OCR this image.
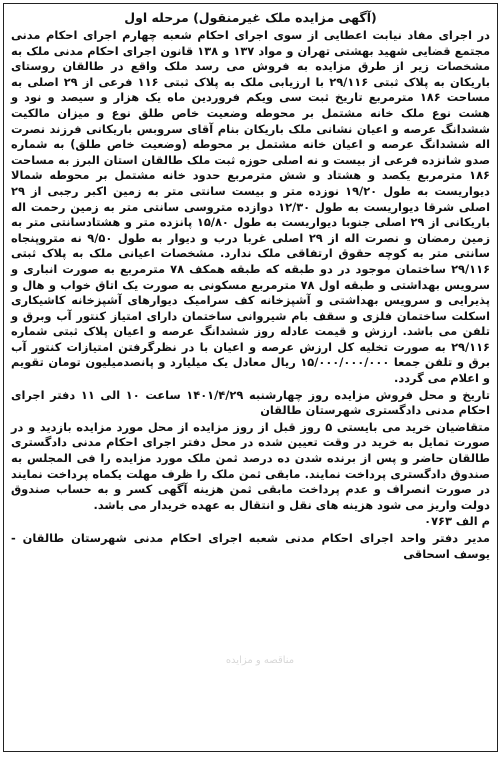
(آگهی مزایده ملک غیرمنقول) مرحله اول

در اجرای مفاد نیابت اعطایی از سوی اجرای احکام شعبه چهارم اجرای احکام مدنی مجتمع قضایی شهید بهشتی تهران و مواد ۱۳۷ و ۱۳۸ قانون اجرای احکام مدنی ملک به مشخصات زیر از طرق مزایده به فروش می رسد ملک واقع در طالقان روستای باریکان به پلاک ثبتی ۲۹/۱۱۶ با ارزیابی ملک به پلاک ثبتی ۱۱۶ فرعی از ۲۹ اصلی به مساحت ۱۸۶ مترمربع تاریخ ثبت سی ویکم فروردین ماه یک هزار و سیصد و نود و هشت نوع ملک خانه مشتمل بر محوطه وضعیت خاص طلق نوع و میزان مالکیت ششدانگ عرصه و اعیان نشانی ملک باریکان بنام آقای سروبس باریکانی فرزند نصرت اله ششدانگ عرصه و اعیان خانه مشتمل بر محوطه (وضعیت خاص طلق) به شماره صدو شانزده فرعی از بیست و نه اصلی حوزه ثبت ملک طالقان استان البرز به مساحت ۱۸۶ مترمربع یکصد و هشتاد و شش مترمربع حدود خانه مشتمل بر محوطه شمالا دیواریست به طول ۱۹/۲۰ نوزده متر و بیست سانتی متر به زمین اکبر رجبی از ۲۹ اصلی شرقا دیواریست به طول ۱۲/۳۰ دوازده متروسی سانتی متر به زمین رحمت اله باریکانی از ۲۹ اصلی جنوبا دیواریست به طول ۱۵/۸۰ پانزده متر و هشتادسانتی متر به زمین رمضان و نصرت اله از ۲۹ اصلی غربا درب و دیوار به طول ۹/۵۰ نه متروپنجاه سانتی متر به کوچه حقوق ارتفاقی ملک ندارد. مشخصات اعیانی ملک به پلاک ثبتی ۲۹/۱۱۶ ساختمان موجود در دو طبقه که طبقه همکف ۷۸ مترمربع به صورت انباری و سرویس بهداشتی و طبقه اول ۷۸ مترمربع مسکونی به صورت یک اتاق خواب و هال و پذیرایی و سرویس بهداشتی و آشپزخانه کف سرامیک دیوارهای آشپزخانه کاشیکاری اسکلت ساختمان فلزی و سقف بام شیروانی ساختمان دارای امتیاز کنتور آب وبرق و تلفن می باشد. ارزش و قیمت عادله روز ششدانگ عرصه و اعیان پلاک ثبتی شماره ۲۹/۱۱۶ به صورت تخلیه کل ارزش عرصه و اعیان با در نظرگرفتن امتیازات کنتور آب برق و تلفن جمعا ۱۵/۰۰۰/۰۰۰/۰۰۰ ریال معادل یک میلیارد و پانصدمیلیون تومان تقویم و اعلام می گردد.

تاریخ و محل فروش مزایده روز چهارشنبه ۱۴۰۱/۴/۲۹ ساعت ۱۰ الی ۱۱ دفتر اجرای احکام مدنی دادگستری شهرستان طالقان

متقاضیان خرید می بایستی ۵ روز قبل از روز مزایده از محل مورد مزایده بازدید و در صورت تمایل به خرید در وقت تعیین شده در محل دفتر اجرای احکام مدنی دادگستری طالقان حاضر و پس از برنده شدن ده درصد ثمن ملک مورد مزایده را فی المجلس به صندوق دادگستری پرداخت نمایند. مابقی ثمن ملک را ظرف مهلت یکماه پرداخت نمایند در صورت انصراف و عدم پرداخت مابقی ثمن هزینه آگهی کسر و به حساب صندوق دولت واریز می شود هزینه های نقل و انتقال به عهده خریدار می باشد.

م الف ۰۷۶۳

مدیر دفتر واحد اجرای احکام مدنی شعبه اجرای احکام مدنی شهرستان طالقان - یوسف اسحاقی

مناقصه و مزایده
